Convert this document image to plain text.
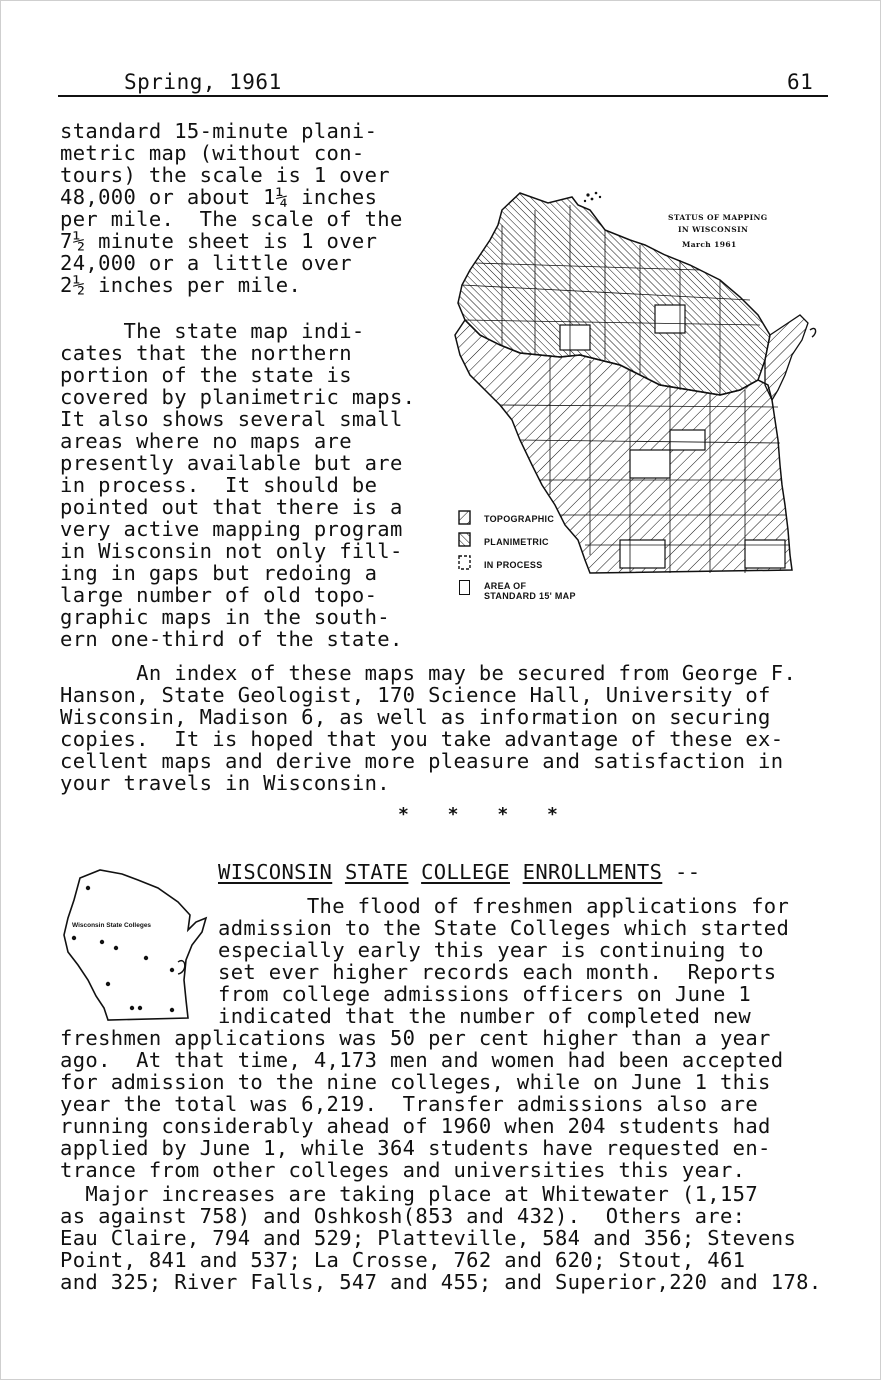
Spring, 1961	61
standard 15-minute plani-
metric map (without con-
tours) the scale is 1 over
48,000 or about 1¼ inches
per mile.  The scale of the
7½ minute sheet is 1 over
24,000 or a little over
2½ inches per mile.
The state map indi-
cates that the northern
portion of the state is
covered by planimetric maps.
It also shows several small
areas where no maps are
presently available but are
in process.  It should be
pointed out that there is a
very active mapping program
in Wisconsin not only fill-
ing in gaps but redoing a
large number of old topo-
graphic maps in the south-
ern one-third of the state.
STATUS OF MAPPING
IN WISCONSIN
March 1961
TOPOGRAPHIC
PLANIMETRIC
IN PROCESS
AREA OF
STANDARD 15' MAP
An index of these maps may be secured from George F.
Hanson, State Geologist, 170 Science Hall, University of
Wisconsin, Madison 6, as well as information on securing
copies.  It is hoped that you take advantage of these ex-
cellent maps and derive more pleasure and satisfaction in
your travels in Wisconsin.
* * * *
WISCONSIN STATE COLLEGE ENROLLMENTS --
Wisconsin State Colleges
The flood of freshmen applications for
admission to the State Colleges which started
especially early this year is continuing to
set ever higher records each month.  Reports
from college admissions officers on June 1
indicated that the number of completed new
freshmen applications was 50 per cent higher than a year
ago.  At that time, 4,173 men and women had been accepted
for admission to the nine colleges, while on June 1 this
year the total was 6,219.  Transfer admissions also are
running considerably ahead of 1960 when 204 students had
applied by June 1, while 364 students have requested en-
trance from other colleges and universities this year.
Major increases are taking place at Whitewater (1,157
as against 758) and Oshkosh(853 and 432).  Others are:
Eau Claire, 794 and 529; Platteville, 584 and 356; Stevens
Point, 841 and 537; La Crosse, 762 and 620; Stout, 461
and 325; River Falls, 547 and 455; and Superior,220 and 178.
